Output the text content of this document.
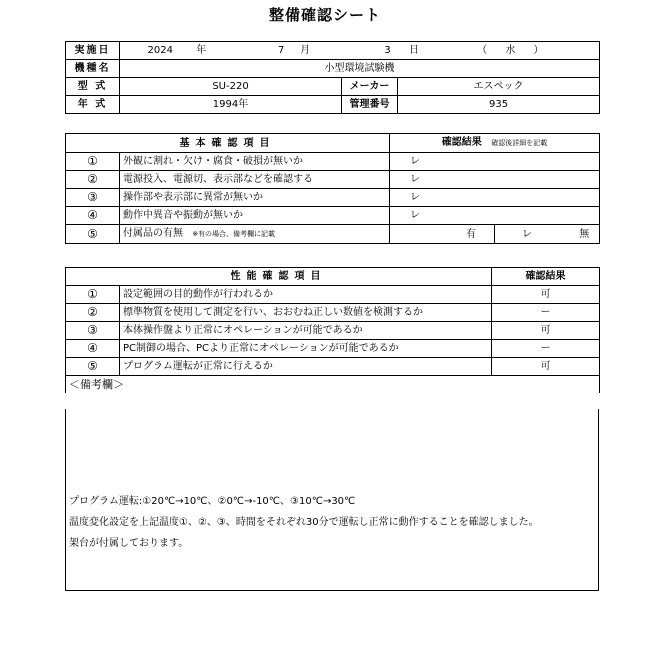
整備確認シート
実施日	2024 年 7 月 3 日 （ 水 ）		
機種名	小型環境試験機		
型 式	SU-220	メーカー	エスペック
年 式	1994年	管理番号	935
基本確認項目		確認結果 確認後詳細を記載	
①	外観に割れ・欠け・腐食・破損が無いか	レ	
②	電源投入、電源切、表示部などを確認する	レ	
③	操作部や表示部に異常が無いか	レ	
④	動作中異音や振動が無いか	レ	
⑤	付属品の有無 ※有の場合、備考欄に記載	有	レ 無
性能確認項目		確認結果
①	設定範囲の目的動作が行われるか	可
②	標準物質を使用して測定を行い、おおむね正しい数値を検測するか	ー
③	本体操作盤より正常にオペレーションが可能であるか	可
④	PC制御の場合、PCより正常にオペレーションが可能であるか	ー
⑤	プログラム運転が正常に行えるか	可
＜備考欄＞		
プログラム運転:①20℃→10℃、②0℃→-10℃、③10℃→30℃
温度変化設定を上記温度①、②、③、時間をそれぞれ30分で運転し正常に動作することを確認しました。
架台が付属しております。
